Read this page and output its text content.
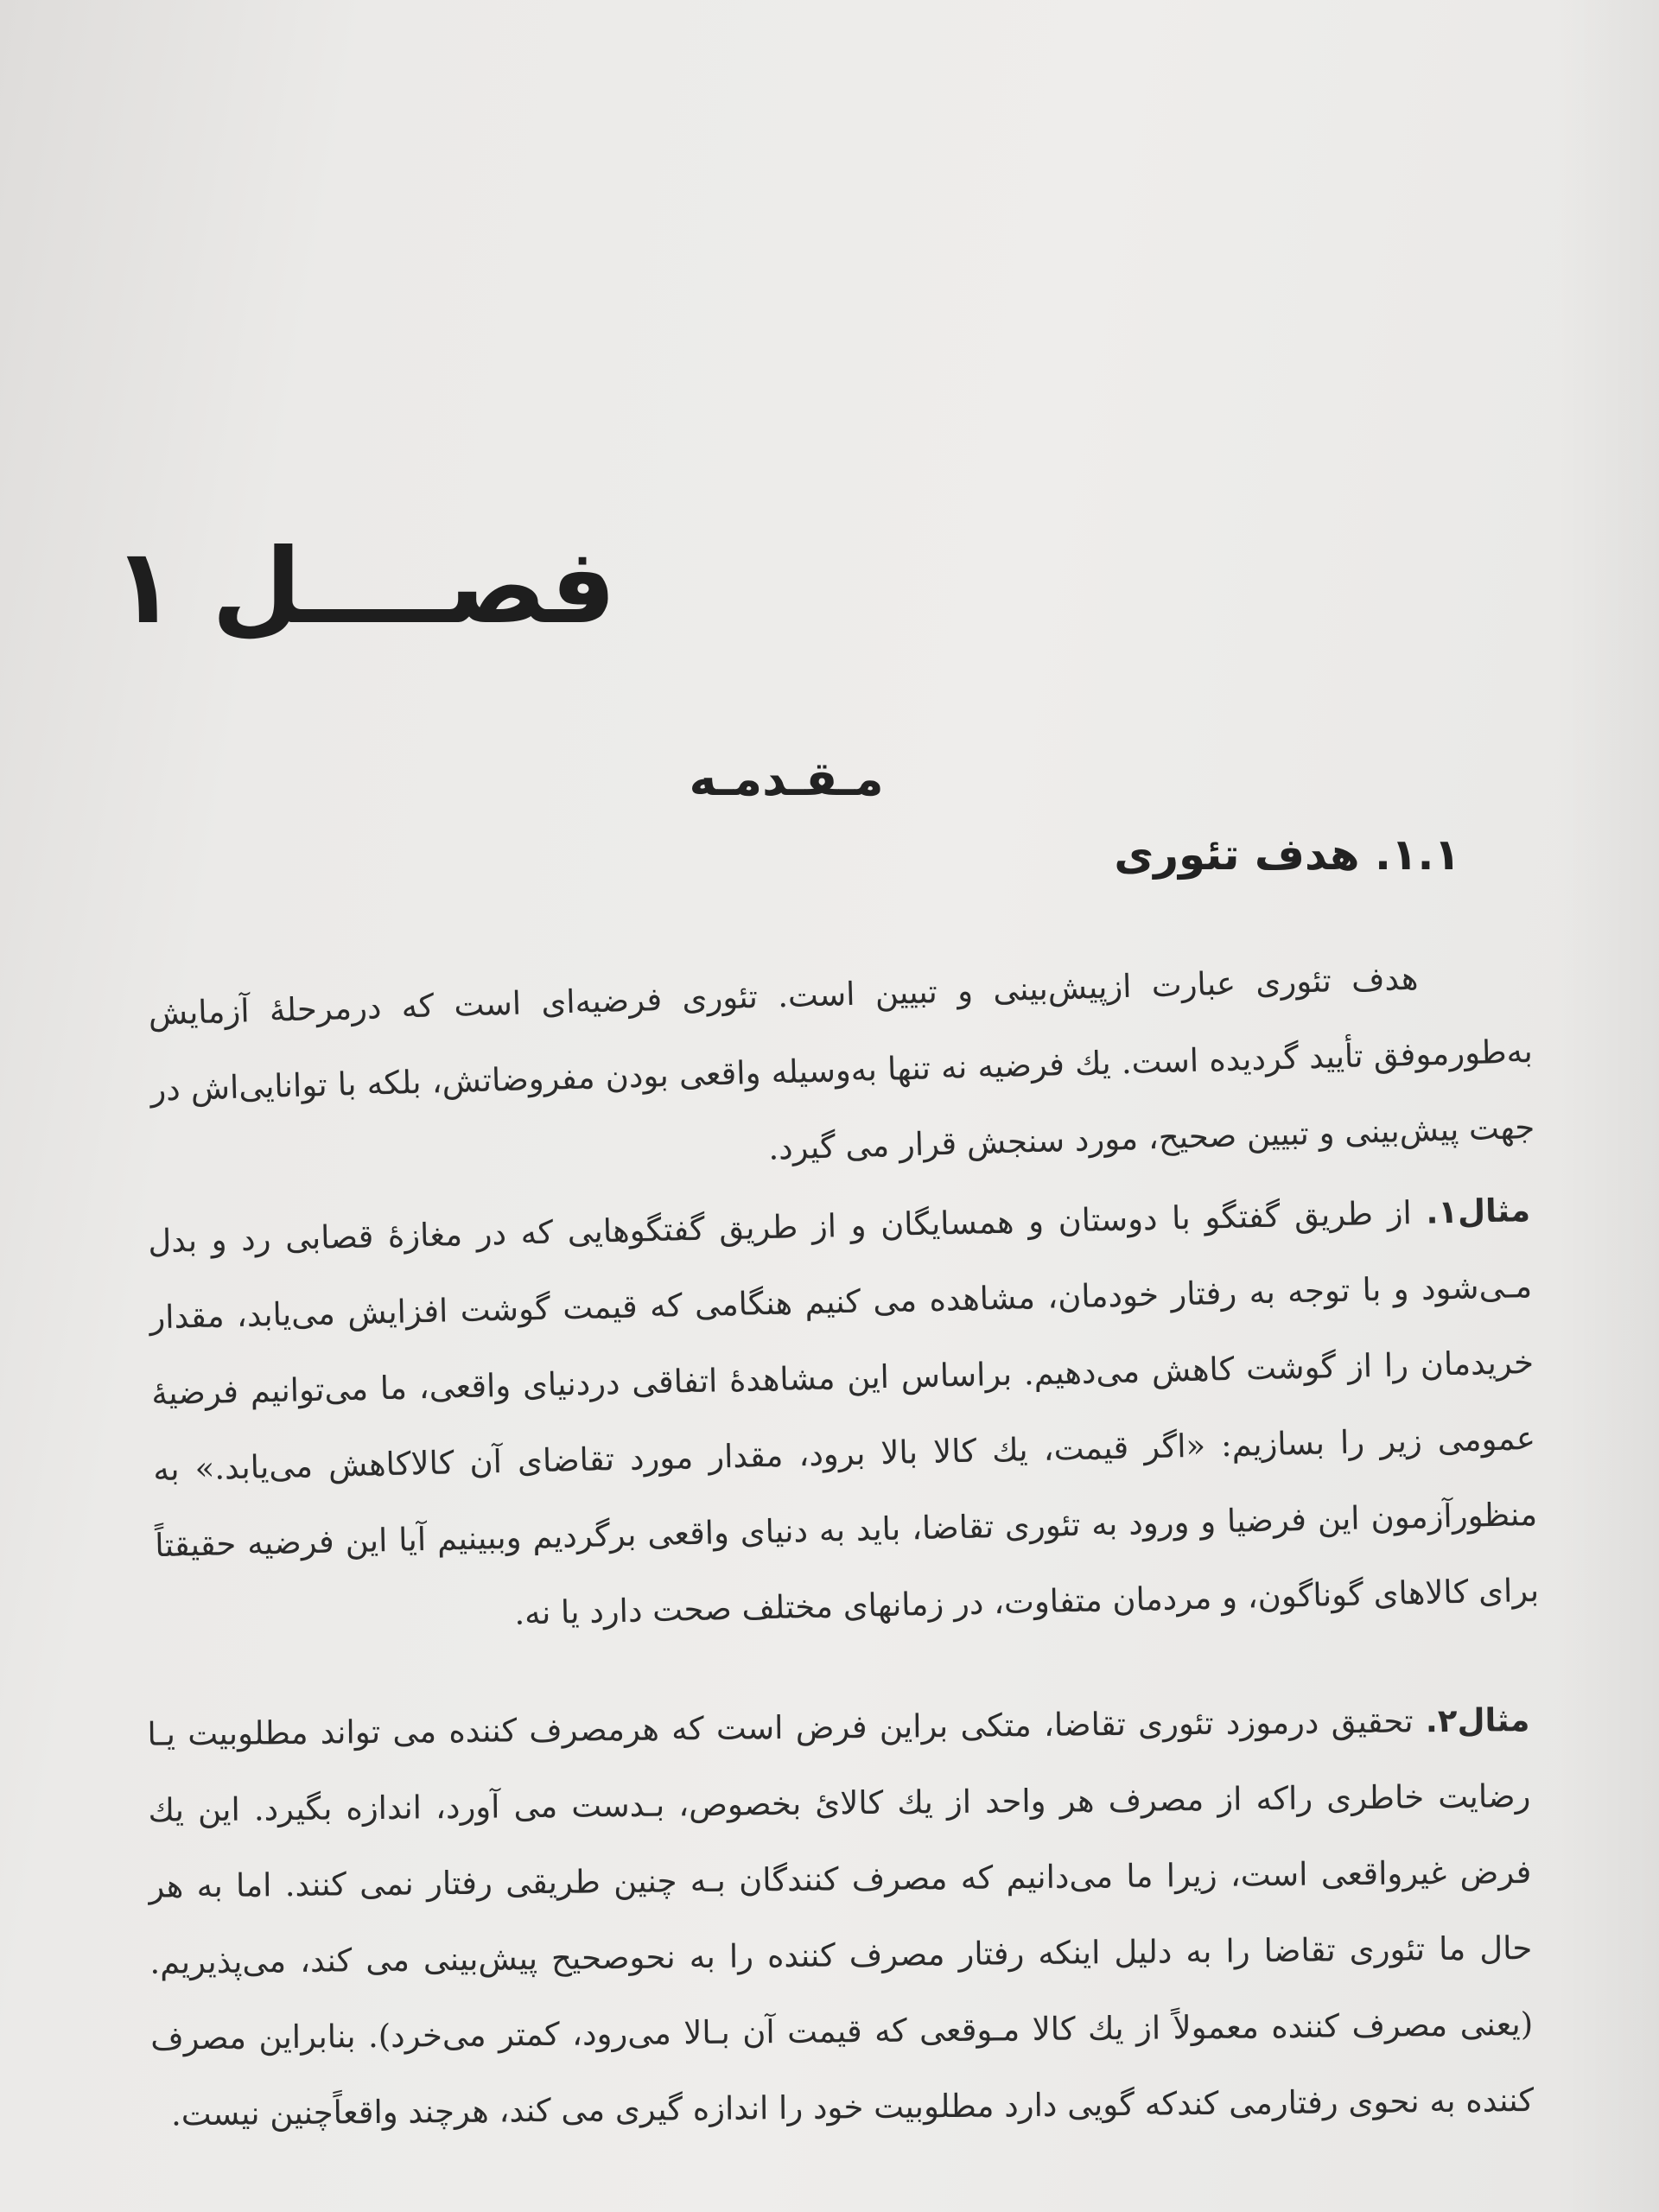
فصــــل ۱
مـقـدمـه
۱.۱. هدف تئوری

هدف تئوری عبارت ازپیش‌بینی و تبیین است. تئوری فرضیه‌ای است که درمرحلهٔ آزمایش به‌طورموفق تأیید گردیده است. یك فرضیه نه تنها به‌وسیله واقعی بودن مفروضاتش، بلکه با توانایی‌اش در جهت پیش‌بینی و تبیین صحیح، مورد سنجش قرار می گیرد.

مثال۱. از طریق گفتگو با دوستان و همسایگان و از طریق گفتگوهایی که در مغازهٔ قصابی رد و بدل مـی‌شود و با توجه به رفتار خودمان، مشاهده می کنیم هنگامی که قیمت گوشت افزایش می‌یابد، مقدار خریدمان را از گوشت کاهش می‌دهیم. براساس این مشاهدهٔ اتفاقی دردنیای واقعی، ما می‌توانیم فرضیهٔ عمومی زیر را بسازیم: «اگر قیمت، یك کالا بالا برود، مقدار مورد تقاضای آن کالاکاهش می‌یابد.» به منظورآزمون این فرضیا و ورود به تئوری تقاضا، باید به دنیای واقعی برگردیم وببینیم آیا این فرضیه حقیقتاً برای کالاهای گوناگون، و مردمان متفاوت، در زمانهای مختلف صحت دارد یا نه.

مثال۲. تحقیق درموزد تئوری تقاضا، متکی براین فرض است که هرمصرف کننده می تواند مطلوبیت یـا رضایت خاطری راکه از مصرف هر واحد از یك کالایٔ بخصوص، بـدست می آورد، اندازه بگیرد. این یك فرض غیرواقعی است، زیرا ما می‌دانیم که مصرف کنندگان بـه چنین طریقی رفتار نمی کنند. اما به هر حال ما تئوری تقاضا را به دلیل اینکه رفتار مصرف کننده را به نحوصحیح پیش‌بینی می کند، می‌پذیریم. (یعنی مصرف کننده معمولاً از یك کالا مـوقعی که قیمت آن بـالا می‌رود، کمتر می‌خرد). بنابراین مصرف کننده به نحوی رفتارمی کندکه گویی دارد مطلوبیت خود را اندازه گیری می کند، هرچند واقعاًچنین نیست.
